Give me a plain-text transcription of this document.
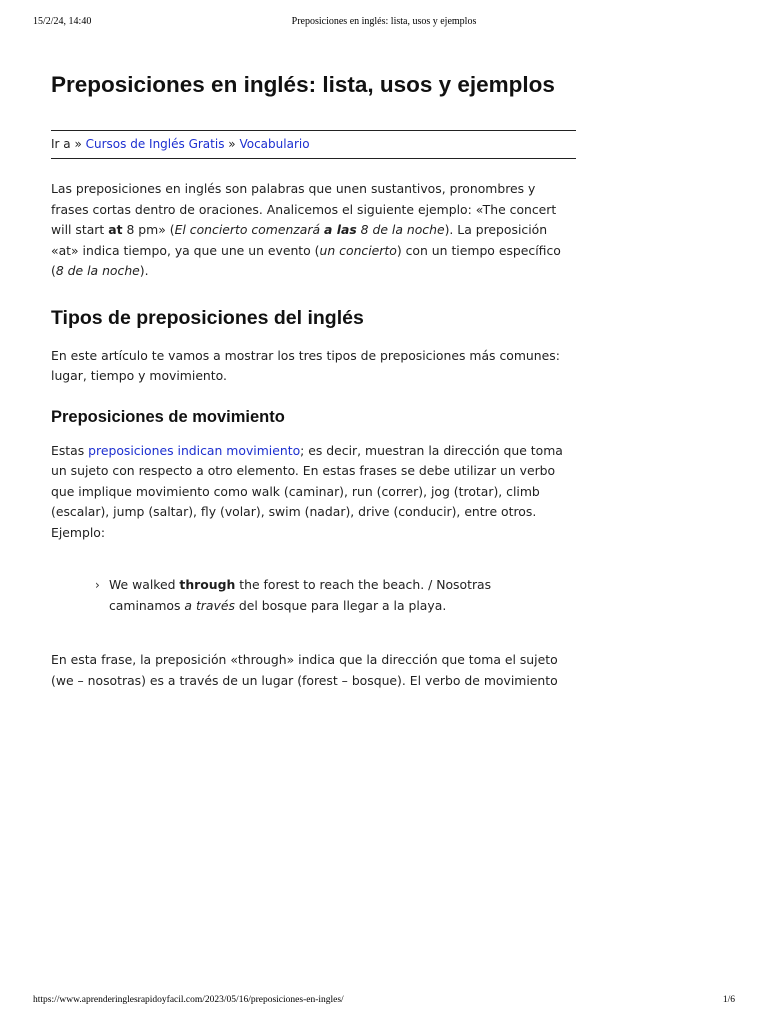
15/2/24, 14:40	Preposiciones en inglés: lista, usos y ejemplos
Preposiciones en inglés: lista, usos y ejemplos
Ir a » Cursos de Inglés Gratis » Vocabulario

Las preposiciones en inglés son palabras que unen sustantivos, pronombres y frases cortas dentro de oraciones. Analicemos el siguiente ejemplo: «The concert will start at 8 pm» (El concierto comenzará a las 8 de la noche). La preposición «at» indica tiempo, ya que une un evento (un concierto) con un tiempo específico (8 de la noche).

Tipos de preposiciones del inglés

En este artículo te vamos a mostrar los tres tipos de preposiciones más comunes: lugar, tiempo y movimiento.

Preposiciones de movimiento

Estas preposiciones indican movimiento; es decir, muestran la dirección que toma un sujeto con respecto a otro elemento. En estas frases se debe utilizar un verbo que implique movimiento como walk (caminar), run (correr), jog (trotar), climb (escalar), jump (saltar), fly (volar), swim (nadar), drive (conducir), entre otros. Ejemplo:

› We walked through the forest to reach the beach. / Nosotras caminamos a través del bosque para llegar a la playa.

En esta frase, la preposición «through» indica que la dirección que toma el sujeto (we – nosotras) es a través de un lugar (forest – bosque). El verbo de movimiento

https://www.aprenderinglesrapidoyfacil.com/2023/05/16/preposiciones-en-ingles/	1/6
